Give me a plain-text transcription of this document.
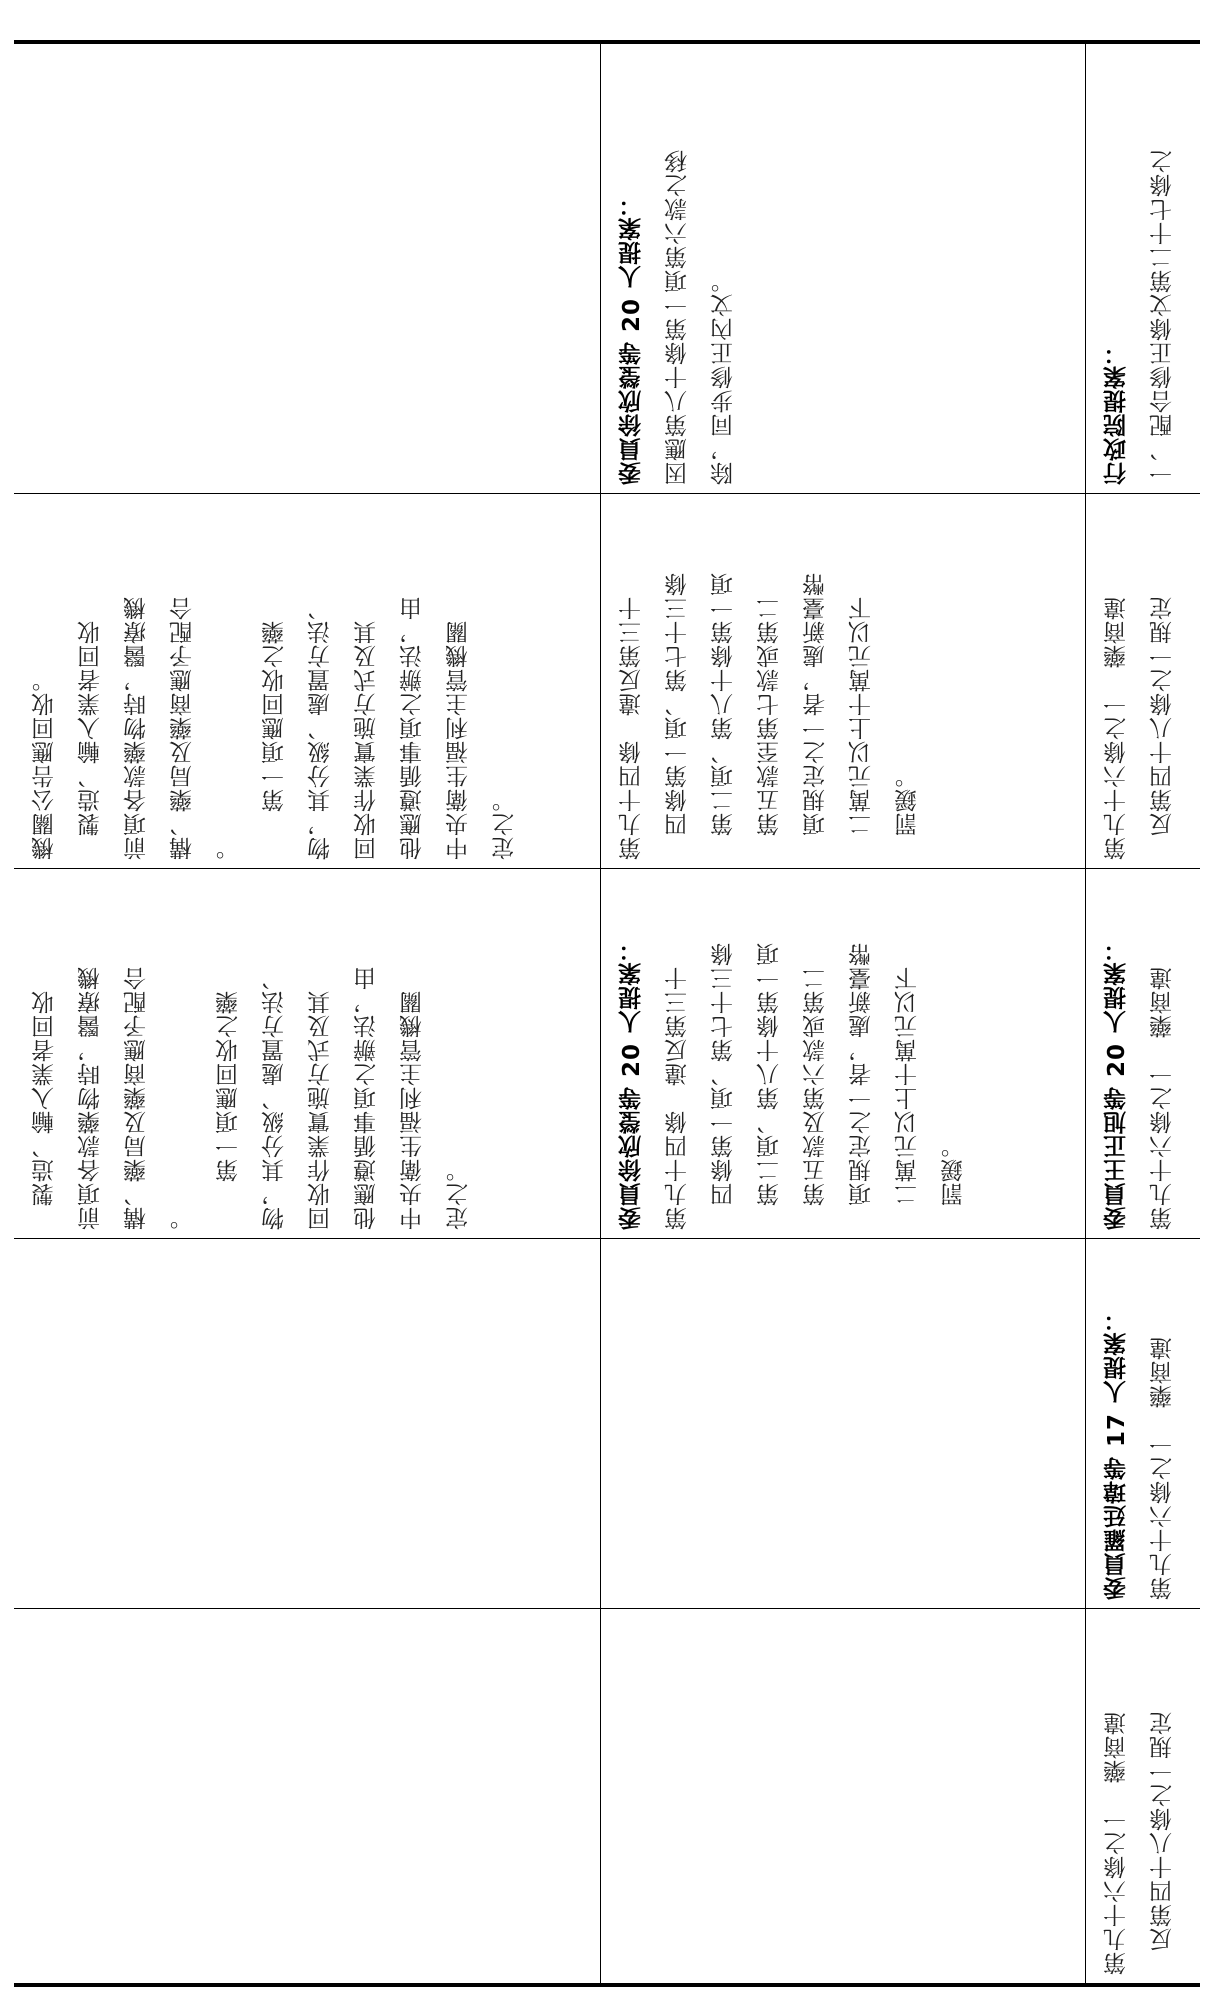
第九十六條之一　藥商違 　反第四十八條之一規定

委員羅廷瑋等 17 人提案： 第九十六條之一　藥商違

委員王正旭等 20 人提案： 第九十六條之一　藥商違

第九十六條之一　藥商違 　反第四十八條之一規定

行政院提案： 一、配合修正條文第二十七條之

委員徐欣瑩等 20 人提案： 第九十四條　違反第三十 　四條第一項、第七十三條 　第二項、第八十條第一項 　第五款及第六款或第二 　項規定之一者，處新臺幣 　二萬元以上十萬元以下 　罰鍰。

第九十四條　違反第三十 　四條第一項、第七十三條 　第二項、第八十條第一項 　第五款至第七款或第二 　項規定之一者，處新臺幣 　二萬元以上十萬元以下 　罰鍰。

委員徐欣瑩等 20 人提案： 因應第八十條第一項第六款之移 除，同步修正內文。

　製造、輸入業者回收 前項各款藥物時，醫療機 構、藥局及藥商應予配合 。 　　第一項應回收之藥 物，其分級、處置方法、 回收作業實施方式及其 他應遵循事項之辦法，由 中央衛生福利主管機關 定之。

機關公告應回收。 　製造、輸入業者回收 前項各款藥物時，醫療機 構、藥局及藥商應予配合 。 　　第一項應回收之藥 物，其分級、處置方法、 回收作業實施方式及其 他應遵循事項之辦法，由 中央衛生福利主管機關 定之。
